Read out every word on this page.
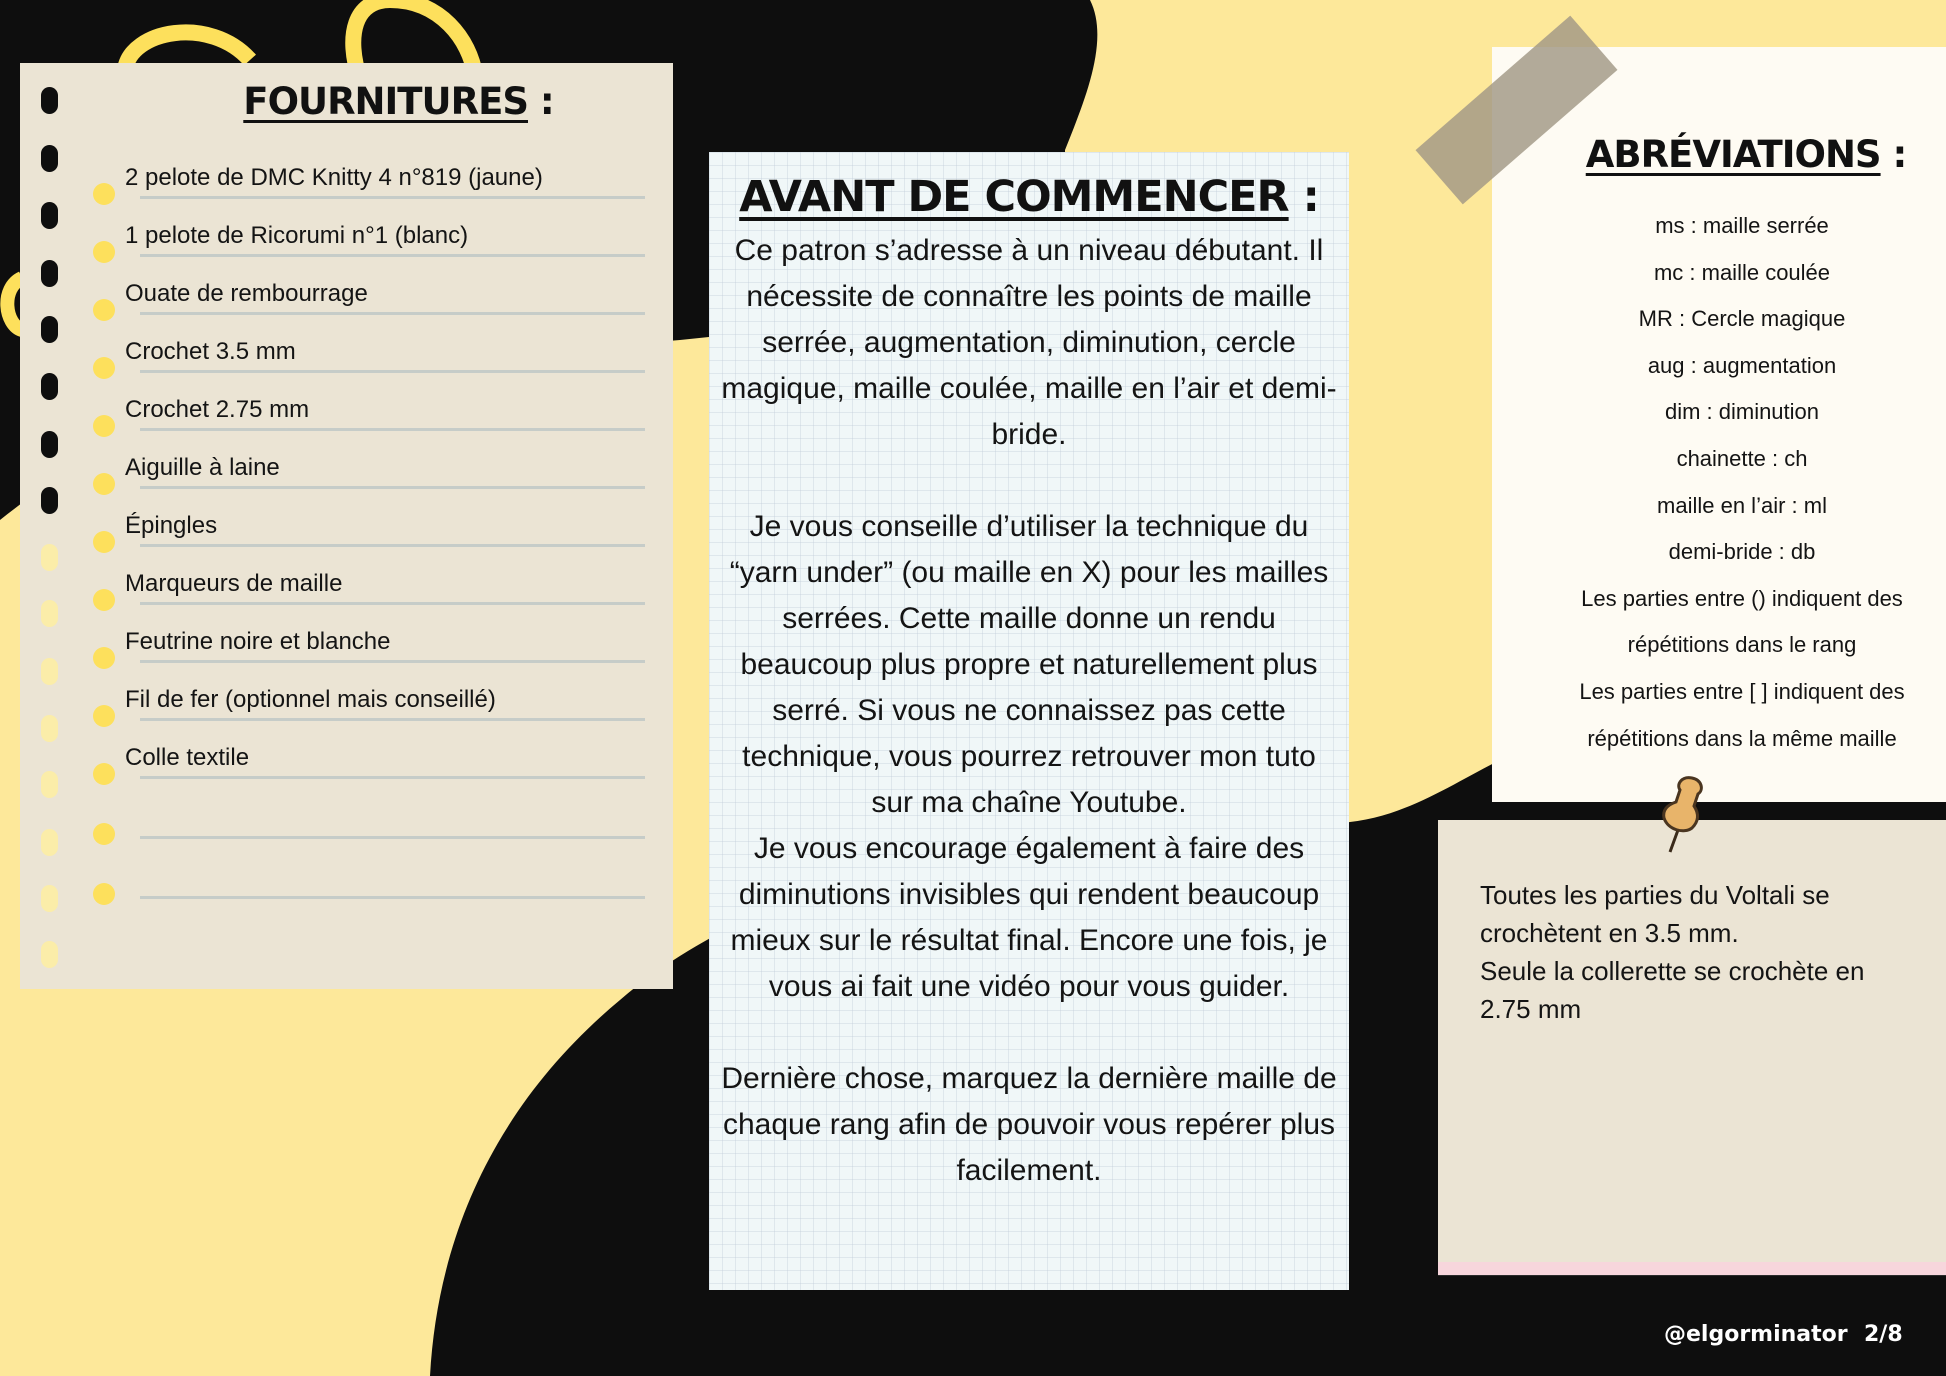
FOURNITURES :
2 pelote de DMC Knitty 4 n°819 (jaune)
1 pelote de Ricorumi n°1 (blanc)
Ouate de rembourrage
Crochet 3.5 mm
Crochet 2.75 mm
Aiguille à laine
Épingles
Marqueurs de maille
Feutrine noire et blanche
Fil de fer (optionnel mais conseillé)
Colle textile
AVANT DE COMMENCER :

Ce patron s’adresse à un niveau débutant. Il nécessite de connaître les points de maille serrée, augmentation, diminution, cercle magique, maille coulée, maille en l’air et demi-bride.

Je vous conseille d’utiliser la technique du “yarn under” (ou maille en X) pour les mailles serrées. Cette maille donne un rendu beaucoup plus propre et naturellement plus serré. Si vous ne connaissez pas cette technique, vous pourrez retrouver mon tuto sur ma chaîne Youtube.

Je vous encourage également à faire des diminutions invisibles qui rendent beaucoup mieux sur le résultat final. Encore une fois, je vous ai fait une vidéo pour vous guider.

Dernière chose, marquez la dernière maille de chaque rang afin de pouvoir vous repérer plus facilement.

ABRÉVIATIONS :
ms : maille serrée
mc : maille coulée
MR : Cercle magique
aug : augmentation
dim : diminution
chainette : ch
maille en l’air : ml
demi-bride : db
Les parties entre () indiquent des
répétitions dans le rang
Les parties entre [ ] indiquent des
répétitions dans la même maille

Toutes les parties du Voltali se crochètent en 3.5 mm.

Seule la collerette se crochète en 2.75 mm

@elgorminator 2/8
